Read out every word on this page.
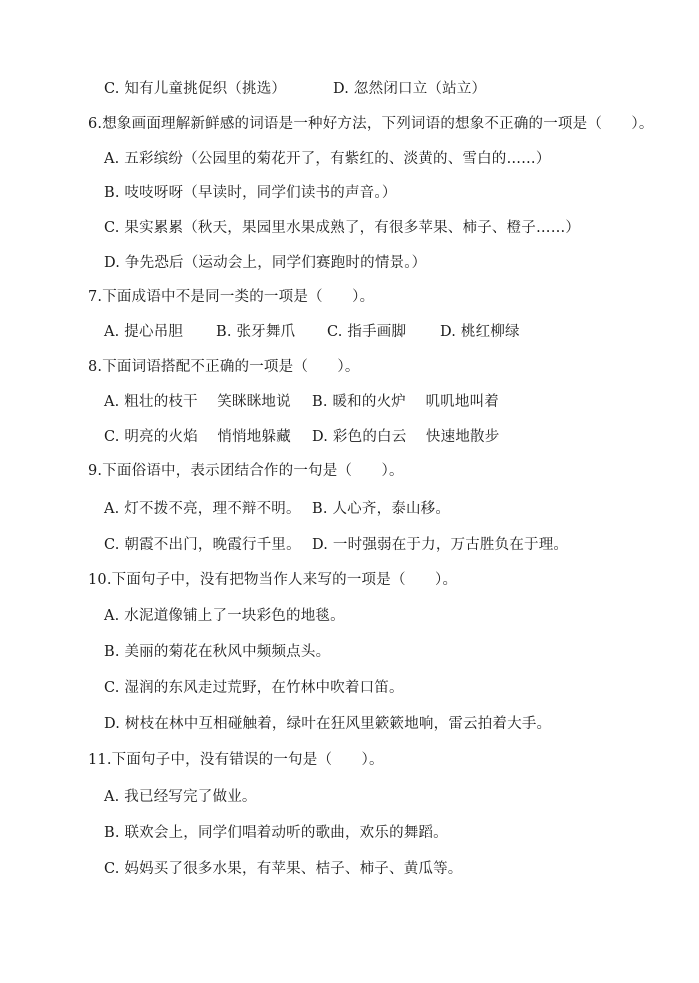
C. 知有儿童挑促织（挑选）	D. 忽然闭口立（站立）
6.想象画面理解新鲜感的词语是一种好方法，下列词语的想象不正确的一项是（　　）。
A. 五彩缤纷（公园里的菊花开了，有紫红的、淡黄的、雪白的……）
B. 吱吱呀呀（早读时，同学们读书的声音。）
C. 果实累累（秋天，果园里水果成熟了，有很多苹果、柿子、橙子……）
D. 争先恐后（运动会上，同学们赛跑时的情景。）
7.下面成语中不是同一类的一项是（　　）。
A. 提心吊胆 B. 张牙舞爪 C. 指手画脚 D. 桃红柳绿
8.下面词语搭配不正确的一项是（　　）。
A. 粗壮的枝干　 笑眯眯地说 B. 暖和的火炉　 叽叽地叫着
C. 明亮的火焰　 悄悄地躲藏 D. 彩色的白云　 快速地散步
9.下面俗语中，表示团结合作的一句是（　　）。
A. 灯不拨不亮，理不辩不明。 B. 人心齐，泰山移。
C. 朝霞不出门，晚霞行千里。 D. 一时强弱在于力，万古胜负在于理。
10.下面句子中，没有把物当作人来写的一项是（　　）。
A. 水泥道像铺上了一块彩色的地毯。
B. 美丽的菊花在秋风中频频点头。
C. 湿润的东风走过荒野，在竹林中吹着口笛。
D. 树枝在林中互相碰触着，绿叶在狂风里簌簌地响，雷云拍着大手。
11.下面句子中，没有错误的一句是（　　）。
A. 我已经写完了做业。
B. 联欢会上，同学们唱着动听的歌曲，欢乐的舞蹈。
C. 妈妈买了很多水果，有苹果、桔子、柿子、黄瓜等。
